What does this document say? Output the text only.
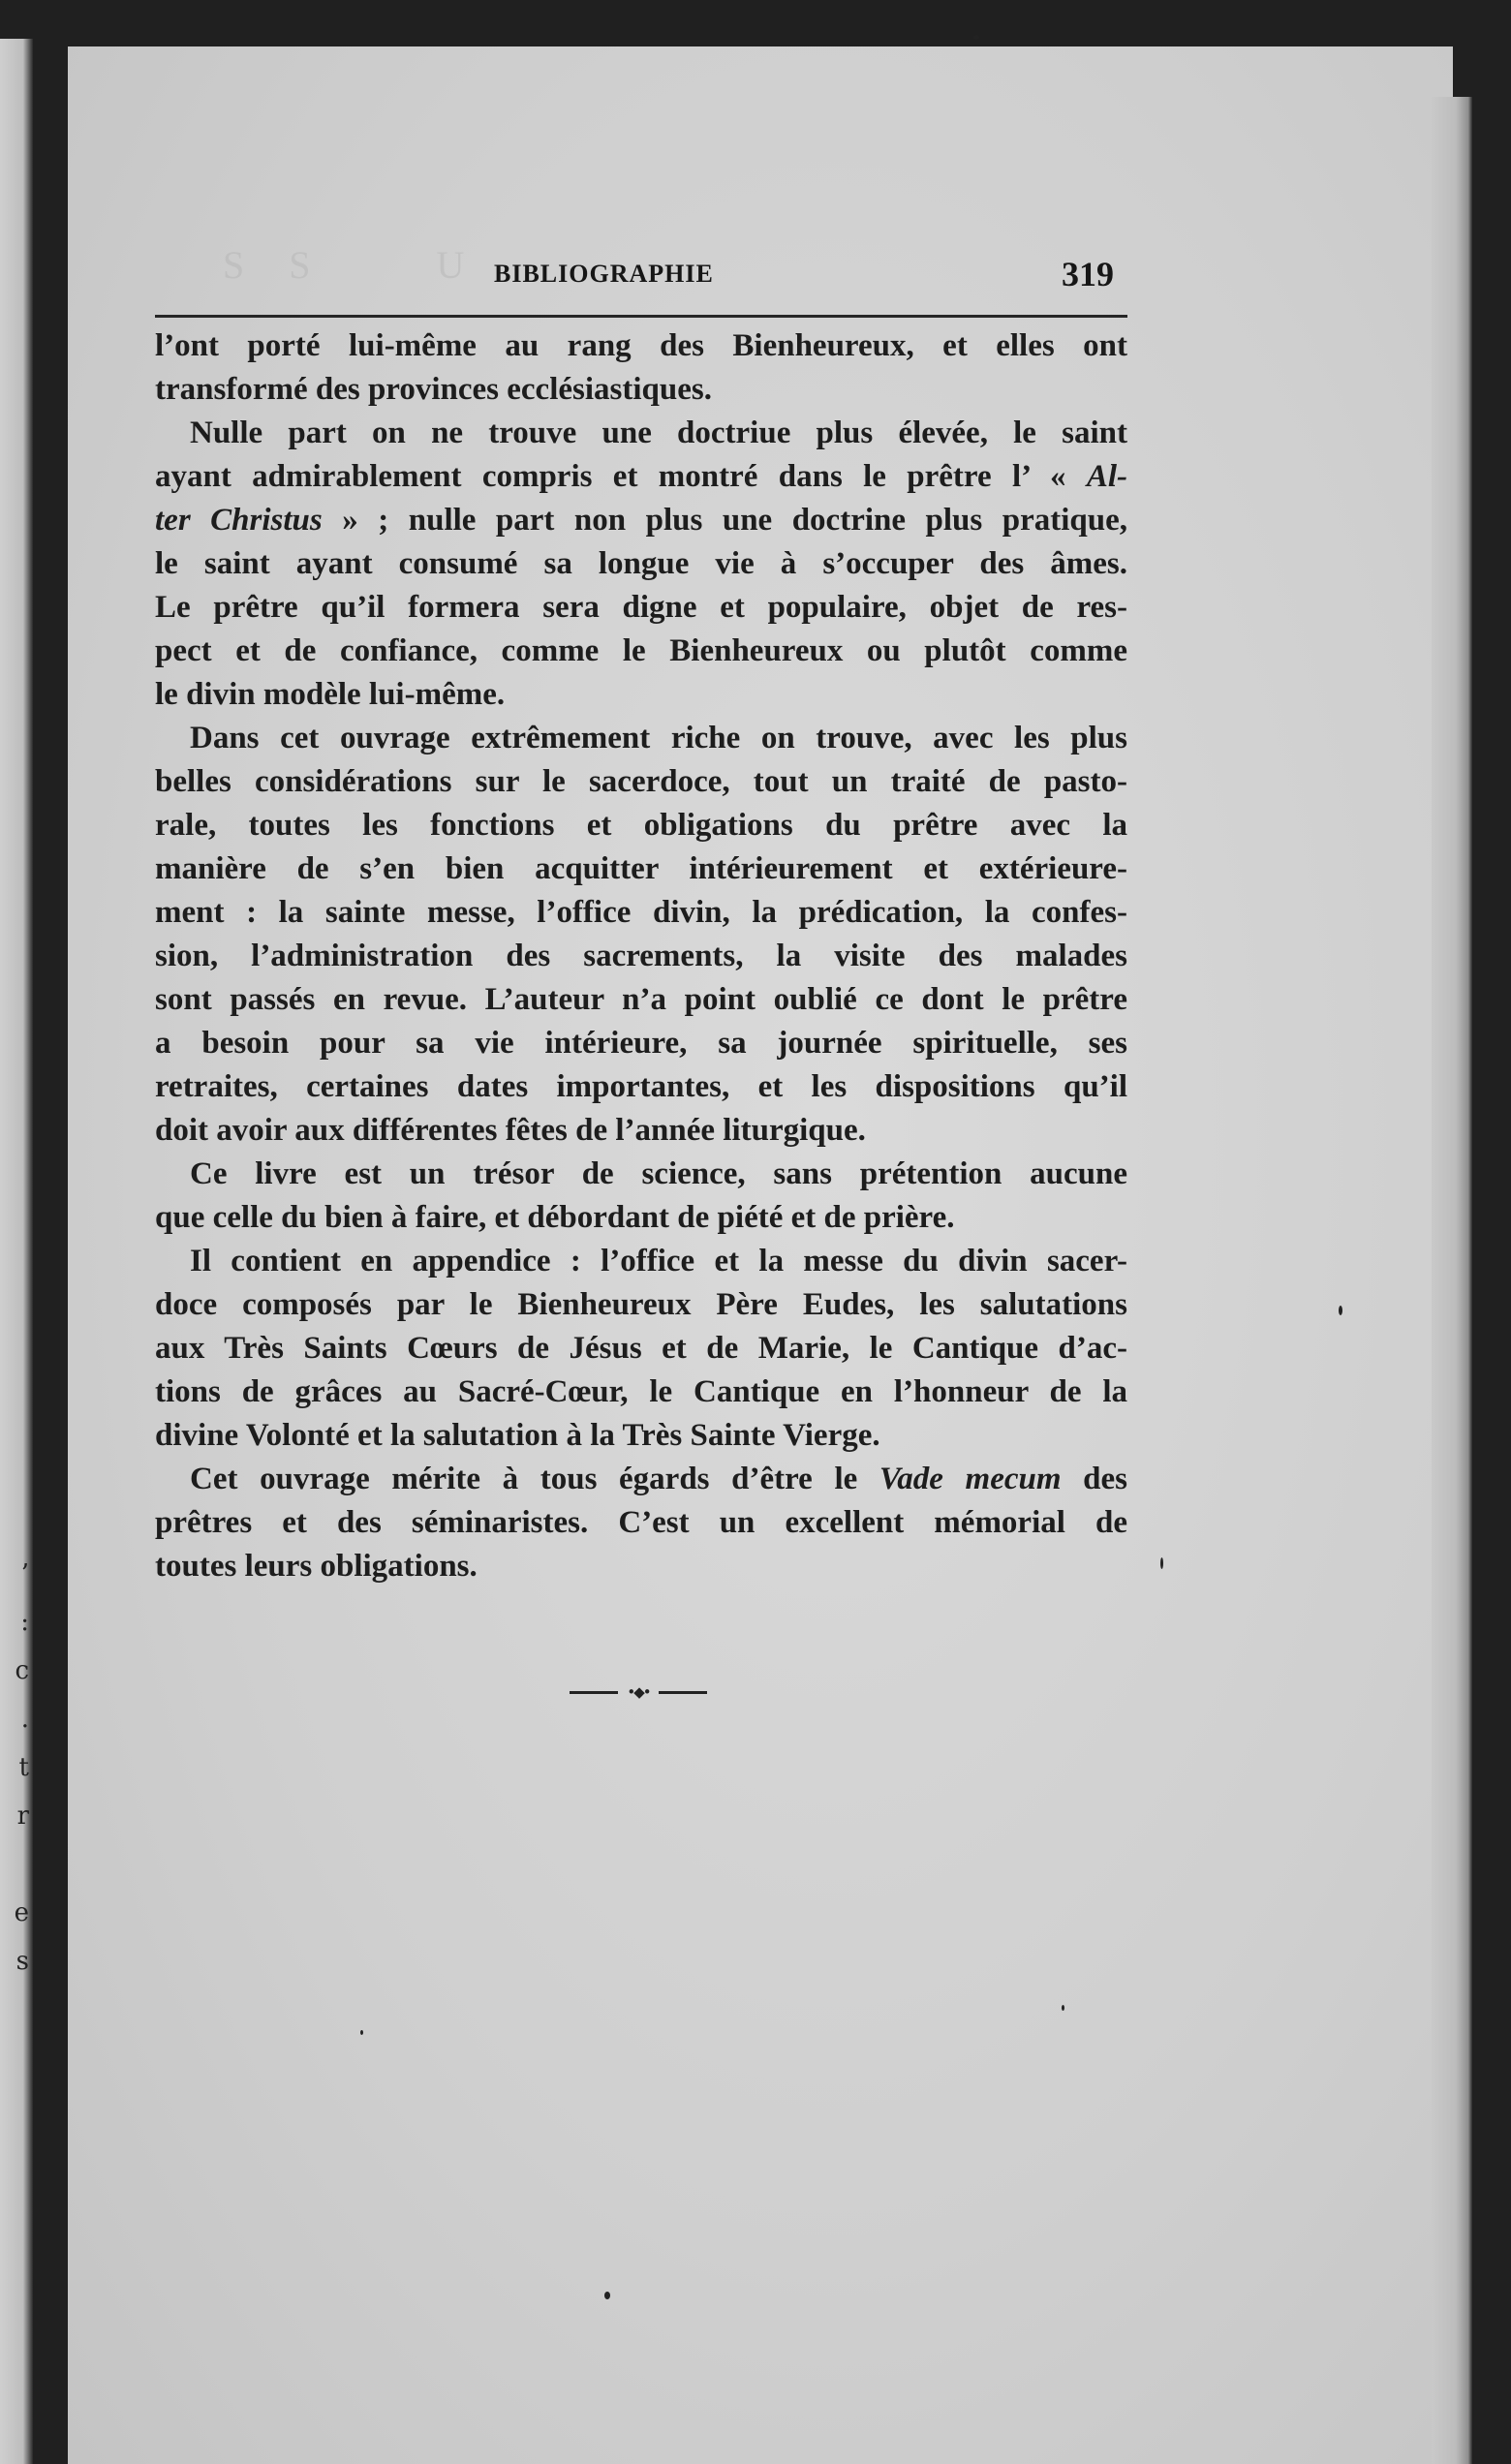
’
:
c
.
t
r

e
s
S   S         U
BIBLIOGRAPHIE	319
l’ont porté lui-même au rang des Bienheureux, et elles ont
transformé des provinces ecclésiastiques.
Nulle part on ne trouve une doctriue plus élevée, le saint
ayant admirablement compris et montré dans le prêtre l’ « Al-
ter Christus » ; nulle part non plus une doctrine plus pratique,
le saint ayant consumé sa longue vie à s’occuper des âmes.
Le prêtre qu’il formera sera digne et populaire, objet de res-
pect et de confiance, comme le Bienheureux ou plutôt comme
le divin modèle lui-même.
Dans cet ouvrage extrêmement riche on trouve, avec les plus
belles considérations sur le sacerdoce, tout un traité de pasto-
rale, toutes les fonctions et obligations du prêtre avec la
manière de s’en bien acquitter intérieurement et extérieure-
ment : la sainte messe, l’office divin, la prédication, la confes-
sion, l’administration des sacrements, la visite des malades
sont passés en revue. L’auteur n’a point oublié ce dont le prêtre
a besoin pour sa vie intérieure, sa journée spirituelle, ses
retraites, certaines dates importantes, et les dispositions qu’il
doit avoir aux différentes fêtes de l’année liturgique.
Ce livre est un trésor de science, sans prétention aucune
que celle du bien à faire, et débordant de piété et de prière.
Il contient en appendice : l’office et la messe du divin sacer-
doce composés par le Bienheureux Père Eudes, les salutations
aux Très Saints Cœurs de Jésus et de Marie, le Cantique d’ac-
tions de grâces au Sacré-Cœur, le Cantique en l’honneur de la
divine Volonté et la salutation à la Très Sainte Vierge.
Cet ouvrage mérite à tous égards d’être le Vade mecum des
prêtres et des séminaristes. C’est un excellent mémorial de
toutes leurs obligations.
•◆•
